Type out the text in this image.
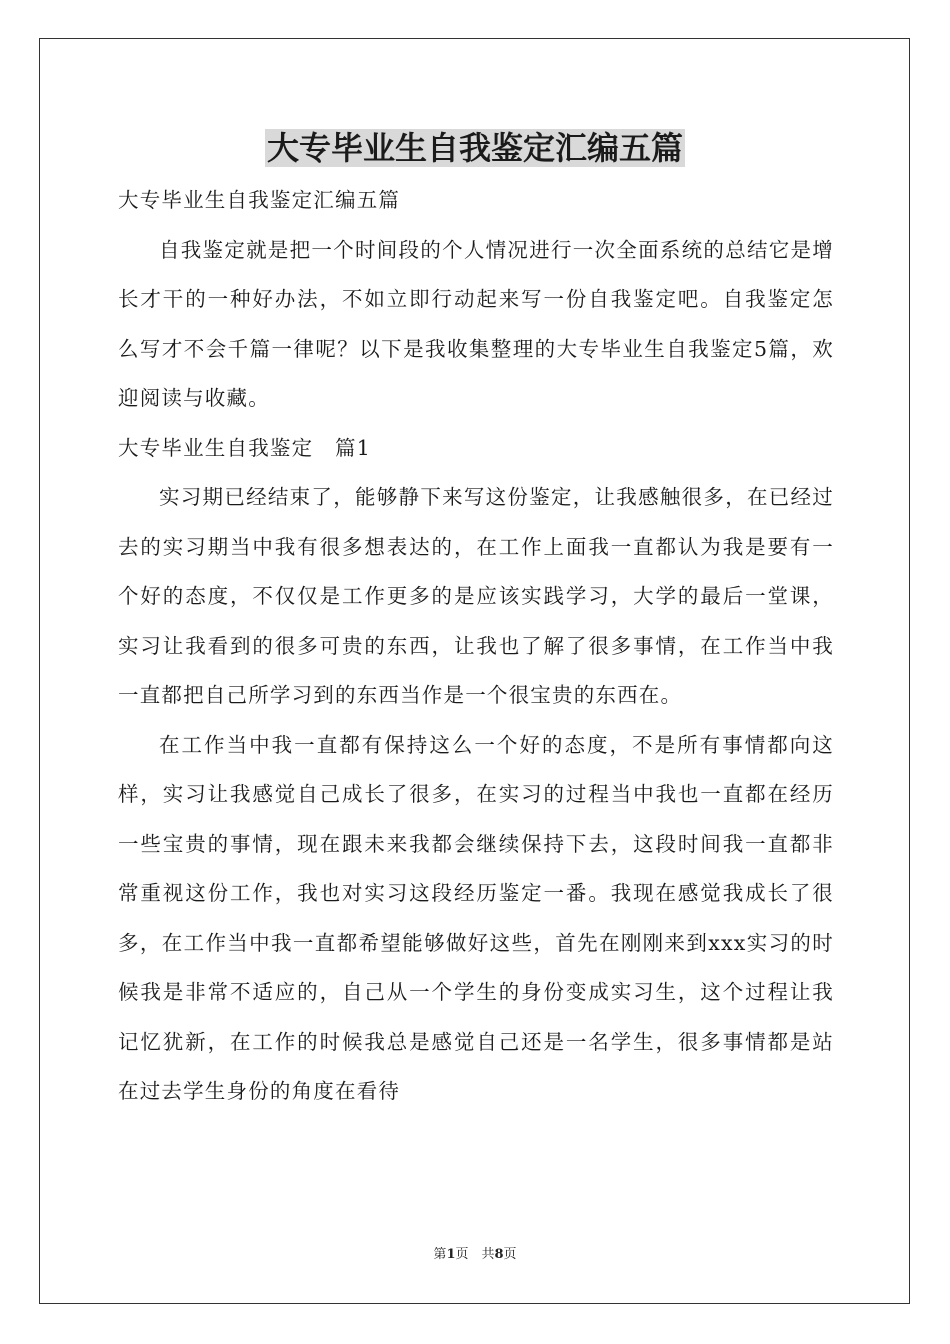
大专毕业生自我鉴定汇编五篇

大专毕业生自我鉴定汇编五篇

自我鉴定就是把一个时间段的个人情况进行一次全面系统的总结它是增长才干的一种好办法，不如立即行动起来写一份自我鉴定吧。自我鉴定怎么写才不会千篇一律呢？以下是我收集整理的大专毕业生自我鉴定5篇，欢迎阅读与收藏。

大专毕业生自我鉴定　篇1

实习期已经结束了，能够静下来写这份鉴定，让我感触很多，在已经过去的实习期当中我有很多想表达的，在工作上面我一直都认为我是要有一个好的态度，不仅仅是工作更多的是应该实践学习，大学的最后一堂课，实习让我看到的很多可贵的东西，让我也了解了很多事情，在工作当中我一直都把自己所学习到的东西当作是一个很宝贵的东西在。

在工作当中我一直都有保持这么一个好的态度，不是所有事情都向这样，实习让我感觉自己成长了很多，在实习的过程当中我也一直都在经历一些宝贵的事情，现在跟未来我都会继续保持下去，这段时间我一直都非常重视这份工作，我也对实习这段经历鉴定一番。我现在感觉我成长了很多，在工作当中我一直都希望能够做好这些，首先在刚刚来到xxx实习的时候我是非常不适应的，自己从一个学生的身份变成实习生，这个过程让我记忆犹新，在工作的时候我总是感觉自己还是一名学生，很多事情都是站在过去学生身份的角度在看待

第1页　共8页
